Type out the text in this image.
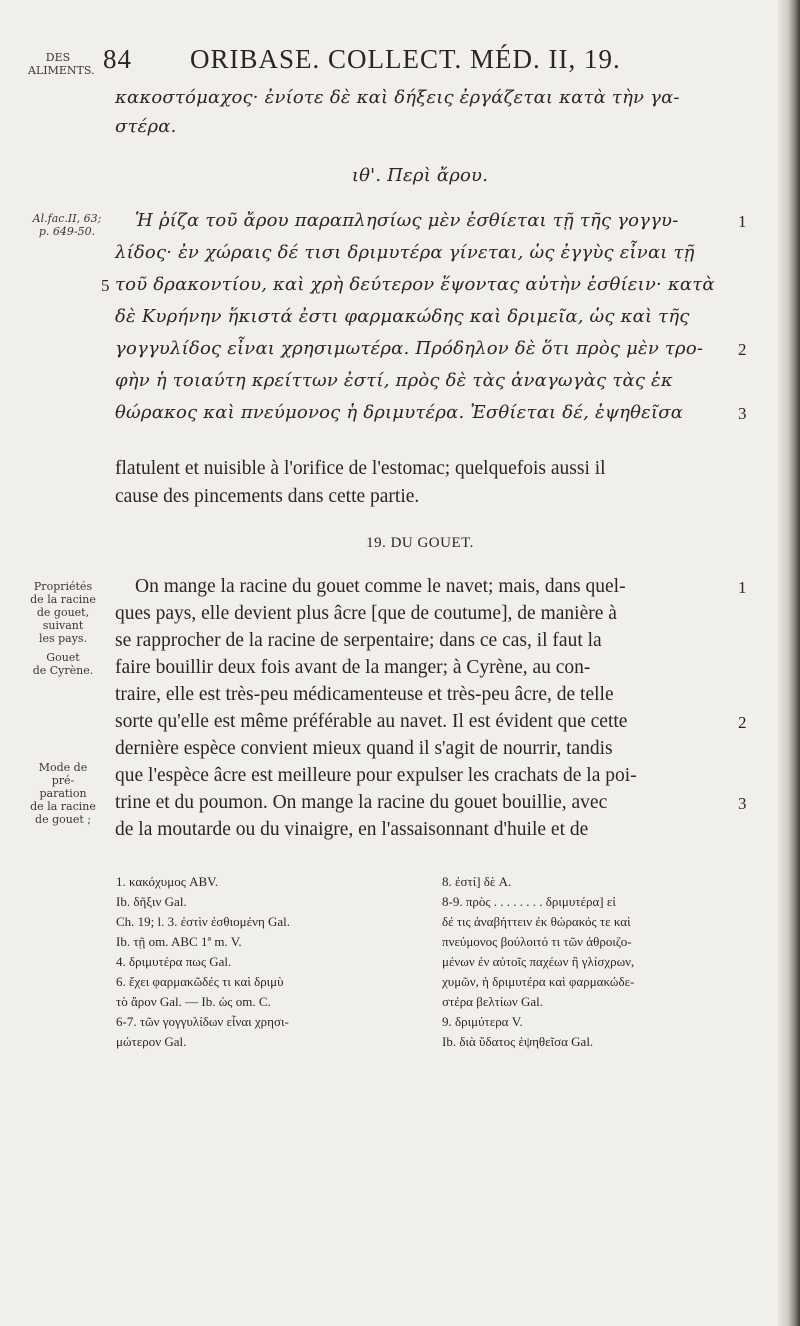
DES
ALIMENTS. 84 ORIBASE. COLLECT. MÉD. II, 19.
κακοστόμαχος· ἐνίοτε δὲ καὶ δήξεις ἐργάζεται κατὰ τὴν γα-
στέρα.
ιθ'. Περὶ ἄρου.
Al.fac.II, 63;
p. 649-50.
Ἡ ῥίζα τοῦ ἄρου παραπλησίως μὲν ἐσθίεται τῇ τῆς γογγυ-
λίδος· ἐν χώραις δέ τισι δριμυτέρα γίνεται, ὡς ἐγγὺς εἶναι τῇ
τοῦ δρακοντίου, καὶ χρὴ δεύτερον ἕψοντας αὐτὴν ἐσθίειν· κατὰ
δὲ Κυρήνην ἥκιστά ἐστι φαρμακώδης καὶ δριμεῖα, ὡς καὶ τῆς
γογγυλίδος εἶναι χρησιμωτέρα. Πρόδηλον δὲ ὅτι πρὸς μὲν τρο-
φὴν ἡ τοιαύτη κρείττων ἐστί, πρὸς δὲ τὰς ἀναγωγὰς τὰς ἐκ
θώρακος καὶ πνεύμονος ἡ δριμυτέρα. Ἐσθίεται δέ, ἑψηθεῖσα
1
5
2
3
flatulent et nuisible à l'orifice de l'estomac; quelquefois aussi il
cause des pincements dans cette partie.
19. DU GOUET.
Propriétés
de la racine
de gouet,
suivant
les pays.
Gouet
de Cyrène.
Mode de pré-
paration
de la racine
de gouet ;
On mange la racine du gouet comme le navet; mais, dans quel-
ques pays, elle devient plus âcre [que de coutume], de manière à
se rapprocher de la racine de serpentaire; dans ce cas, il faut la
faire bouillir deux fois avant de la manger; à Cyrène, au con-
traire, elle est très-peu médicamenteuse et très-peu âcre, de telle
sorte qu'elle est même préférable au navet. Il est évident que cette
dernière espèce convient mieux quand il s'agit de nourrir, tandis
que l'espèce âcre est meilleure pour expulser les crachats de la poi-
trine et du poumon. On mange la racine du gouet bouillie, avec
de la moutarde ou du vinaigre, en l'assaisonnant d'huile et de
1
2
3
1. κακόχυμος ABV.
Ib. δῆξιν Gal.
Ch. 19; l. 3. ἐστὶν ἐσθιομένη Gal.
Ib. τῇ om. ABC 1ª m. V.
4. δριμυτέρα πως Gal.
6. ἔχει φαρμακῶδές τι καὶ δριμὺ
τὸ ἄρον Gal. — Ib. ὡς om. C.
6-7. τῶν γογγυλίδων εἶναι χρησι-
μώτερον Gal.
8. ἐστί] δὲ A.
8-9. πρὸς . . . . . . . . δριμυτέρα] εἰ
δέ τις ἀναβήττειν ἐκ θώρακός τε καὶ
πνεύμονος βούλοιτό τι τῶν ἀθροιζο-
μένων ἐν αὐτοῖς παχέων ἢ γλίσχρων,
χυμῶν, ἡ δριμυτέρα καὶ φαρμακώδε-
στέρα βελτίων Gal.
9. δριμύτερα V.
Ib. διὰ ὕδατος ἑψηθεῖσα Gal.
